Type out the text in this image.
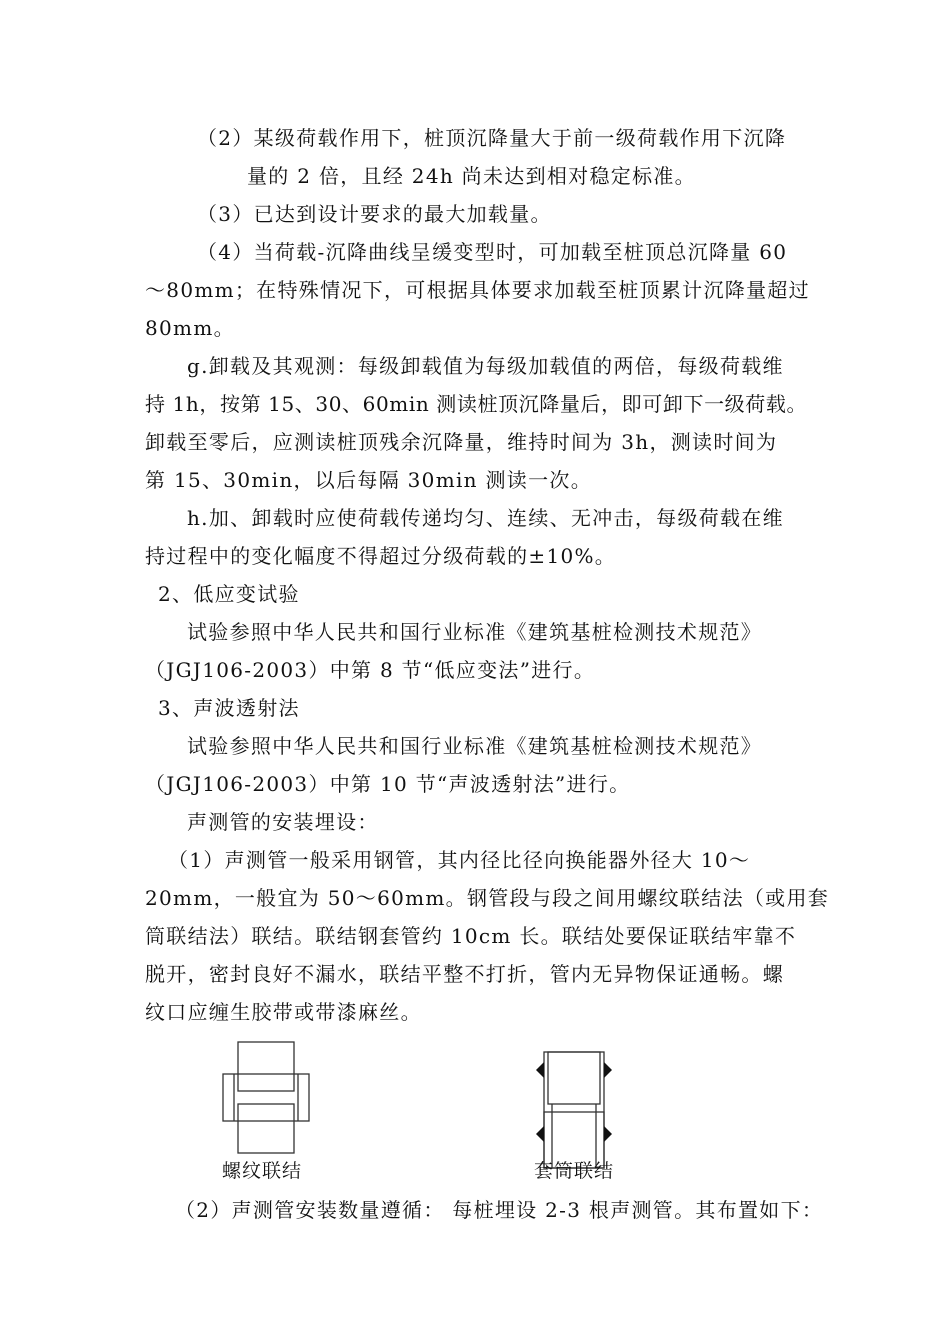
（2）某级荷载作用下，桩顶沉降量大于前一级荷载作用下沉降
量的 2 倍，且经 24h 尚未达到相对稳定标准。
（3）已达到设计要求的最大加载量。
（4）当荷载-沉降曲线呈缓变型时，可加载至桩顶总沉降量 60
～80mm；在特殊情况下，可根据具体要求加载至桩顶累计沉降量超过
80mm。
g.卸载及其观测：每级卸载值为每级加载值的两倍，每级荷载维
持 1h，按第 15、30、60min 测读桩顶沉降量后，即可卸下一级荷载。
卸载至零后，应测读桩顶残余沉降量，维持时间为 3h，测读时间为
第 15、30min，以后每隔 30min 测读一次。
h.加、卸载时应使荷载传递均匀、连续、无冲击，每级荷载在维
持过程中的变化幅度不得超过分级荷载的±10%。
2、低应变试验
试验参照中华人民共和国行业标准《建筑基桩检测技术规范》
（JGJ106-2003）中第 8 节“低应变法”进行。
3、声波透射法
试验参照中华人民共和国行业标准《建筑基桩检测技术规范》
（JGJ106-2003）中第 10 节“声波透射法”进行。
声测管的安装埋设：
（1）声测管一般采用钢管，其内径比径向换能器外径大 10～
20mm，一般宜为 50～60mm。钢管段与段之间用螺纹联结法（或用套
筒联结法）联结。联结钢套管约 10cm 长。联结处要保证联结牢靠不
脱开，密封良好不漏水，联结平整不打折，管内无异物保证通畅。螺
纹口应缠生胶带或带漆麻丝。
螺纹联结	套筒联结
（2）声测管安装数量遵循： 每桩埋设 2-3 根声测管。其布置如下：
